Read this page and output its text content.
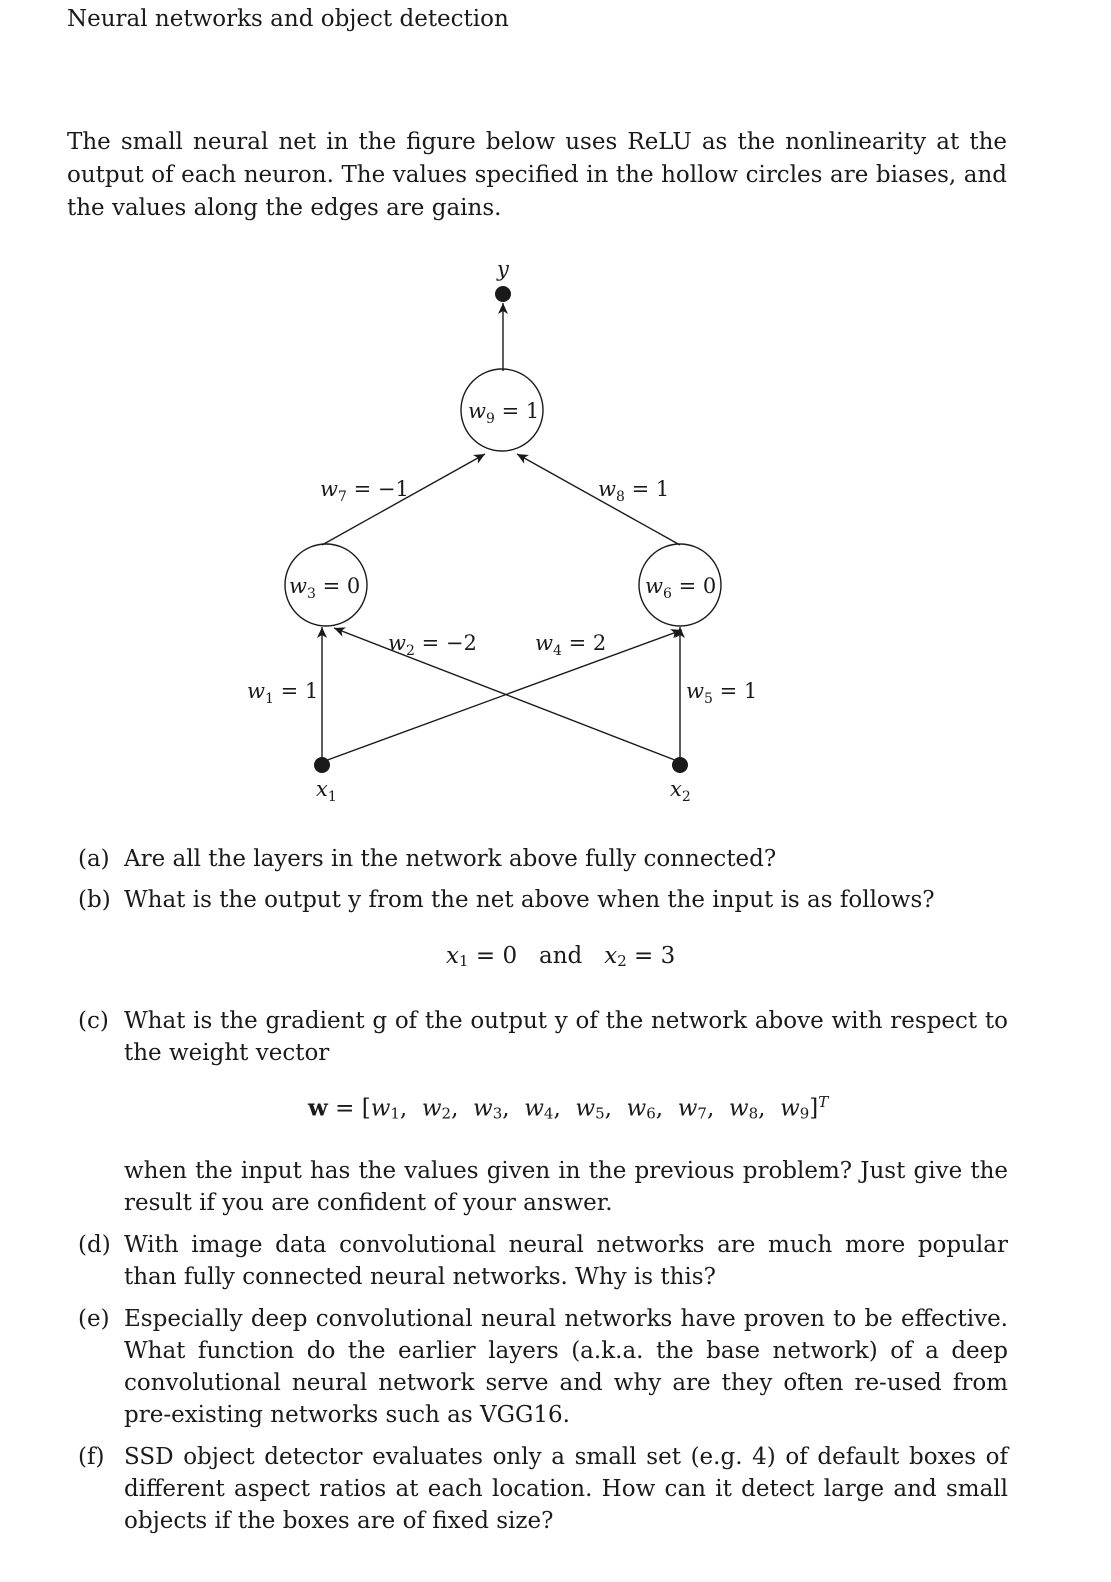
Neural networks and object detection
The small neural net in the figure below uses ReLU as the nonlinearity at the output of each neuron. The values specified in the hollow circles are biases, and the values along the edges are gains.
y
$w_9 = 1$
$w_3 = 0$	$w_6 = 0$
$w_7 = -1$	$w_8 = 1$
$w_2 = -2$	$w_4 = 2$
$w_1 = 1$	$w_5 = 1$
$x_1$	$x_2$
(a) Are all the layers in the network above fully connected?
(b) What is the output y from the net above when the input is as follows?
$x_1 = 0$ and $x_2 = 3$
(c) What is the gradient g of the output y of the network above with respect to the weight vector
$w = [w_1$,  $w_2$,  $w_3$,  $w_4$,  $w_5$,  $w_6$,  $w_7$,  $w_8$,  $w_9]^T$
when the input has the values given in the previous problem? Just give the result if you are confident of your answer.
(d) With image data convolutional neural networks are much more popular than fully connected neural networks. Why is this?
(e) Especially deep convolutional neural networks have proven to be effective. What function do the earlier layers (a.k.a. the base network) of a deep convolutional neural network serve and why are they often re-used from pre-existing networks such as VGG16.
(f) SSD object detector evaluates only a small set (e.g. 4) of default boxes of different aspect ratios at each location. How can it detect large and small objects if the boxes are of fixed size?
